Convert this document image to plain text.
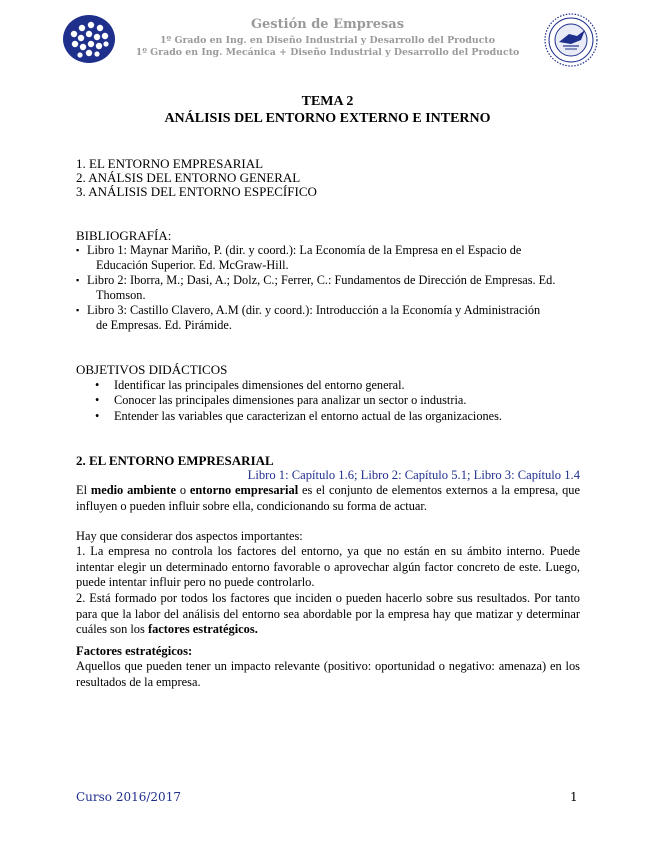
Gestión de Empresas
1º Grado en Ing. en Diseño Industrial y Desarrollo del Producto
1º Grado en Ing. Mecánica + Diseño Industrial y Desarrollo del Producto
TEMA 2
ANÁLISIS DEL ENTORNO EXTERNO E INTERNO
1. EL ENTORNO EMPRESARIAL
2. ANÁLSIS DEL ENTORNO GENERAL
3. ANÁLISIS DEL ENTORNO ESPECÍFICO
BIBLIOGRAFÍA:
▪ Libro 1: Maynar Mariño, P. (dir. y coord.): La Economía de la Empresa en el Espacio de
Educación Superior. Ed. McGraw-Hill.
▪ Libro 2: Iborra, M.; Dasi, A.; Dolz, C.; Ferrer, C.: Fundamentos de Dirección de Empresas. Ed.
Thomson.
▪ Libro 3: Castillo Clavero, A.M (dir. y coord.): Introducción a la Economía y Administración
de Empresas. Ed. Pirámide.
OBJETIVOS DIDÁCTICOS
• Identificar las principales dimensiones del entorno general.
• Conocer las principales dimensiones para analizar un sector o industria.
• Entender las variables que caracterizan el entorno actual de las organizaciones.
2. EL ENTORNO EMPRESARIAL
Libro 1: Capítulo 1.6; Libro 2: Capítulo 5.1; Libro 3: Capítulo 1.4
El medio ambiente o entorno empresarial es el conjunto de elementos externos a la empresa, que influyen o pueden influir sobre ella, condicionando su forma de actuar.
Hay que considerar dos aspectos importantes:
1. La empresa no controla los factores del entorno, ya que no están en su ámbito interno. Puede intentar elegir un determinado entorno favorable o aprovechar algún factor concreto de este. Luego, puede intentar influir pero no puede controlarlo.
2. Está formado por todos los factores que inciden o pueden hacerlo sobre sus resultados. Por tanto para que la labor del análisis del entorno sea abordable por la empresa hay que matizar y determinar cuáles son los factores estratégicos.
Factores estratégicos:
Aquellos que pueden tener un impacto relevante (positivo: oportunidad o negativo: amenaza) en los resultados de la empresa.
Curso 2016/2017	1
